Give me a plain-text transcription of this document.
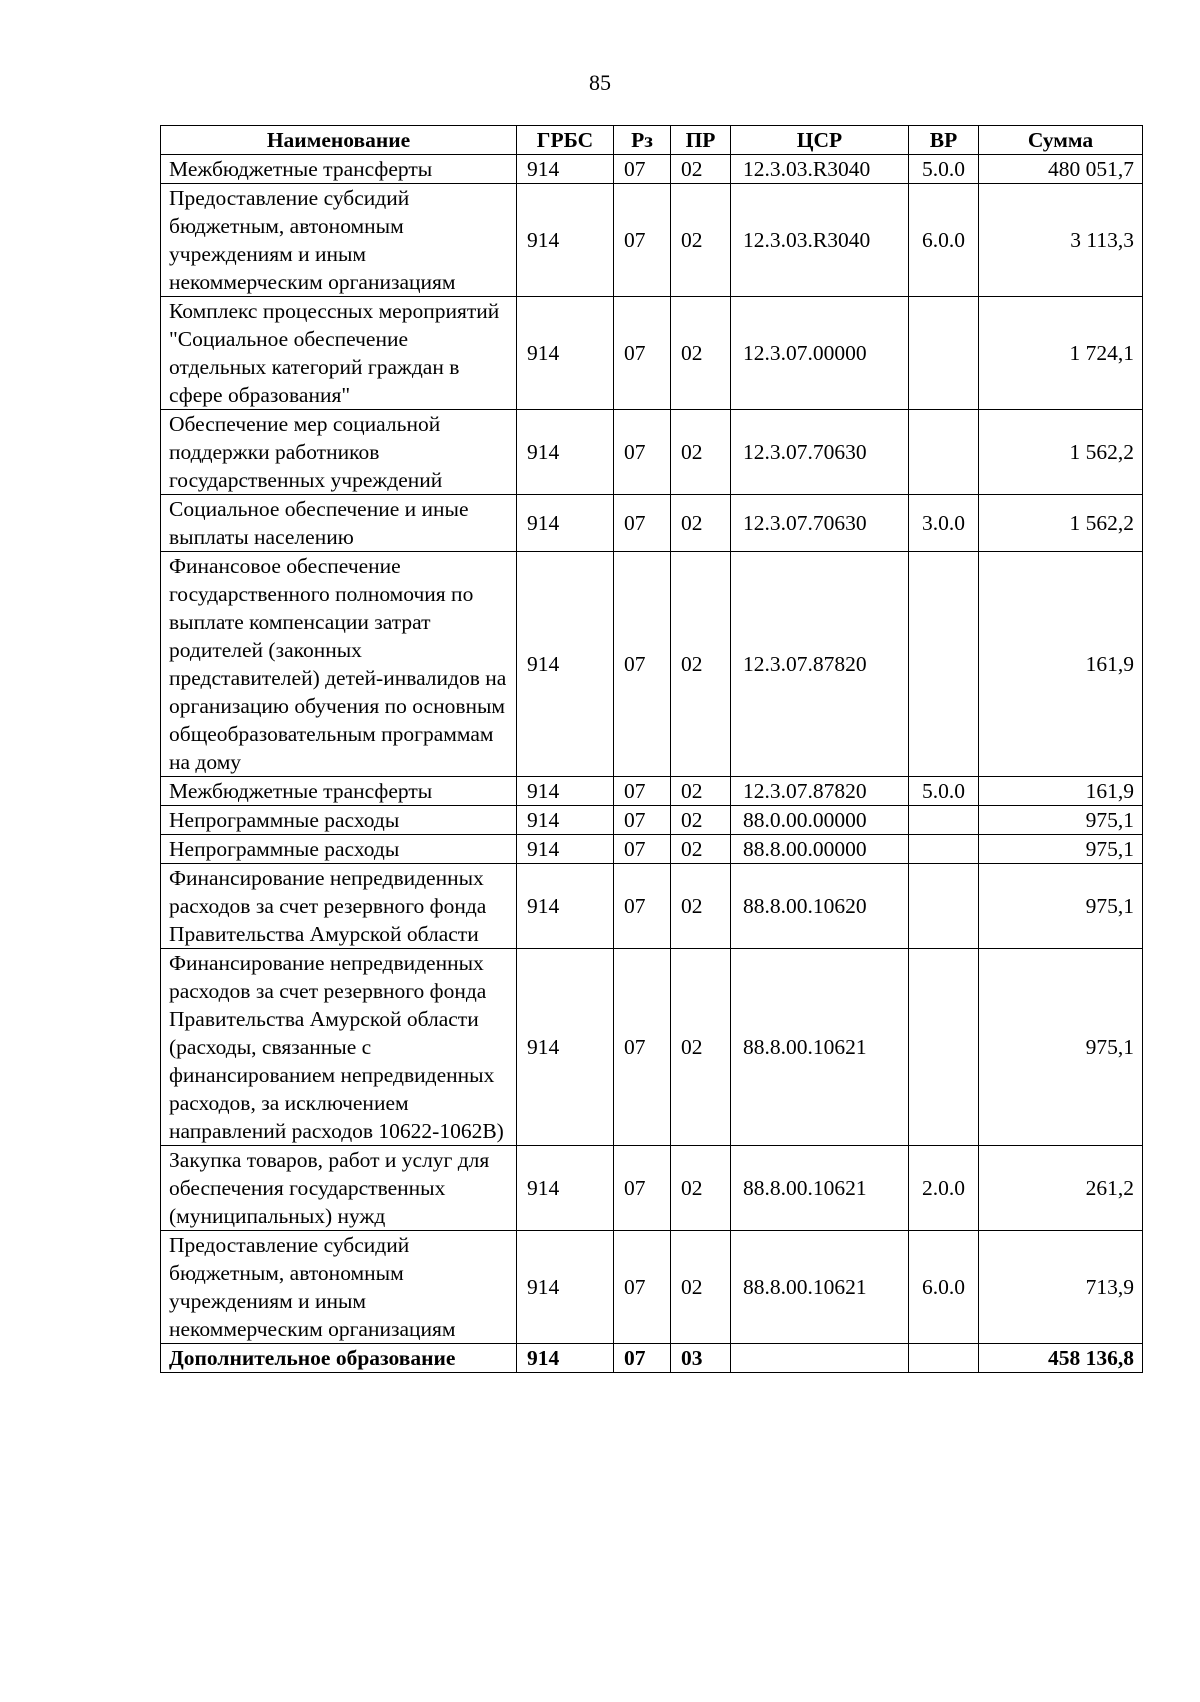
85
Наименование	ГРБС	Рз	ПР	ЦСР	ВР	Сумма
Межбюджетные трансферты	914	07	02	12.3.03.R3040	5.0.0	480 051,7
Предоставление субсидий бюджетным, автономным учреждениям и иным некоммерческим организациям	914	07	02	12.3.03.R3040	6.0.0	3 113,3
Комплекс процессных мероприятий "Социальное обеспечение отдельных категорий граждан в сфере образования"	914	07	02	12.3.07.00000		1 724,1
Обеспечение мер социальной поддержки работников государственных учреждений	914	07	02	12.3.07.70630		1 562,2
Социальное обеспечение и иные выплаты населению	914	07	02	12.3.07.70630	3.0.0	1 562,2
Финансовое обеспечение государственного полномочия по выплате компенсации затрат родителей (законных представителей) детей-инвалидов на организацию обучения по основным общеобразовательным программам на дому	914	07	02	12.3.07.87820		161,9
Межбюджетные трансферты	914	07	02	12.3.07.87820	5.0.0	161,9
Непрограммные расходы	914	07	02	88.0.00.00000		975,1
Непрограммные расходы	914	07	02	88.8.00.00000		975,1
Финансирование непредвиденных расходов за счет резервного фонда Правительства Амурской области	914	07	02	88.8.00.10620		975,1
Финансирование непредвиденных расходов за счет резервного фонда Правительства Амурской области (расходы, связанные с финансированием непредвиденных расходов, за исключением направлений расходов 10622-1062В)	914	07	02	88.8.00.10621		975,1
Закупка товаров, работ и услуг для обеспечения государственных (муниципальных) нужд	914	07	02	88.8.00.10621	2.0.0	261,2
Предоставление субсидий бюджетным, автономным учреждениям и иным некоммерческим организациям	914	07	02	88.8.00.10621	6.0.0	713,9
Дополнительное образование	914	07	03			458 136,8
